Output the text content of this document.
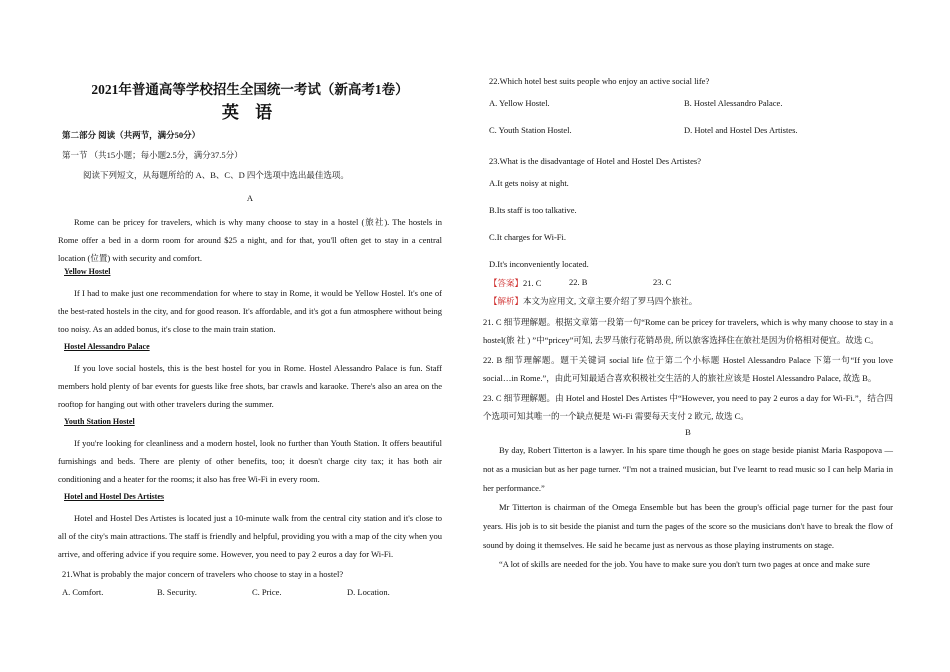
2021年普通高等学校招生全国统一考试（新高考1卷）
英 语
第二部分 阅读（共两节，满分50分）
第一节 （共15小题；每小题2.5分，满分37.5分）
阅读下列短文，从每题所给的 A、B、C、D 四个选项中选出最佳选项。
A

Rome can be pricey for travelers, which is why many choose to stay in a hostel (旅社). The hostels in Rome offer a bed in a dorm room for around $25 a night, and for that, you'll often get to stay in a central location (位置) with security and comfort.

Yellow Hostel

If I had to make just one recommendation for where to stay in Rome, it would be Yellow Hostel. It's one of the best-rated hostels in the city, and for good reason. It's affordable, and it's got a fun atmosphere without being too noisy. As an added bonus, it's close to the main train station.

Hostel Alessandro Palace

If you love social hostels, this is the best hostel for you in Rome. Hostel Alessandro Palace is fun. Staff members hold plenty of bar events for guests like free shots, bar crawls and karaoke. There's also an area on the rooftop for hanging out with other travelers during the summer.

Youth Station Hostel

If you're looking for cleanliness and a modern hostel, look no further than Youth Station. It offers beautiful furnishings and beds. There are plenty of other benefits, too; it doesn't charge city tax; it has both air conditioning and a heater for the rooms; it also has free Wi-Fi in every room.

Hotel and Hostel Des Artistes

Hotel and Hostel Des Artistes is located just a 10-minute walk from the central city station and it's close to all of the city's main attractions. The staff is friendly and helpful, providing you with a map of the city when you arrive, and offering advice if you require some. However, you need to pay 2 euros a day for Wi-Fi.

21.What is probably the major concern of travelers who choose to stay in a hostel?
A. Comfort.	B. Security.	C. Price.	D. Location.
22.Which hotel best suits people who enjoy an active social life?
A. Yellow Hostel.	B. Hostel Alessandro Palace.
C. Youth Station Hostel.	D. Hotel and Hostel Des Artistes.
23.What is the disadvantage of Hotel and Hostel Des Artistes?
A.It gets noisy at night.
B.Its staff is too talkative.
C.It charges for Wi-Fi.
D.It's inconveniently located.
【答案】21. C	22. B	23. C
【解析】 本文为应用文, 文章主要介绍了罗马四个旅社。

21. C 细节理解题。根据文章第一段第一句“Rome can be pricey for travelers, which is why many choose to stay in a hostel(旅 社 ) ”中“pricey”可知, 去罗马旅行花销昂贵, 所以旅客选择住在旅社是因为价格相对便宜。故选 C。

22. B 细节理解题。题干关键词 social life 位于第二个小标题 Hostel Alessandro Palace 下第一句“If you love social…in Rome.”，由此可知最适合喜欢积极社交生活的人的旅社应该是 Hostel Alessandro Palace, 故选 B。

23. C 细节理解题。由 Hotel and Hostel Des Artistes 中“However, you need to pay 2 euros a day for Wi-Fi.”，结合四个选项可知其唯一的一个缺点便是 Wi-Fi 需要每天支付 2 欧元, 故选 C。

B

By day, Robert Titterton is a lawyer. In his spare time though he goes on stage beside pianist Maria Raspopova — not as a musician but as her page turner. “I'm not a trained musician, but I've learnt to read music so I can help Maria in her performance.”

Mr Titterton is chairman of the Omega Ensemble but has been the group's official page turner for the past four years. His job is to sit beside the pianist and turn the pages of the score so the musicians don't have to break the flow of sound by doing it themselves. He said he became just as nervous as those playing instruments on stage.

“A lot of skills are needed for the job. You have to make sure you don't turn two pages at once and make sure
